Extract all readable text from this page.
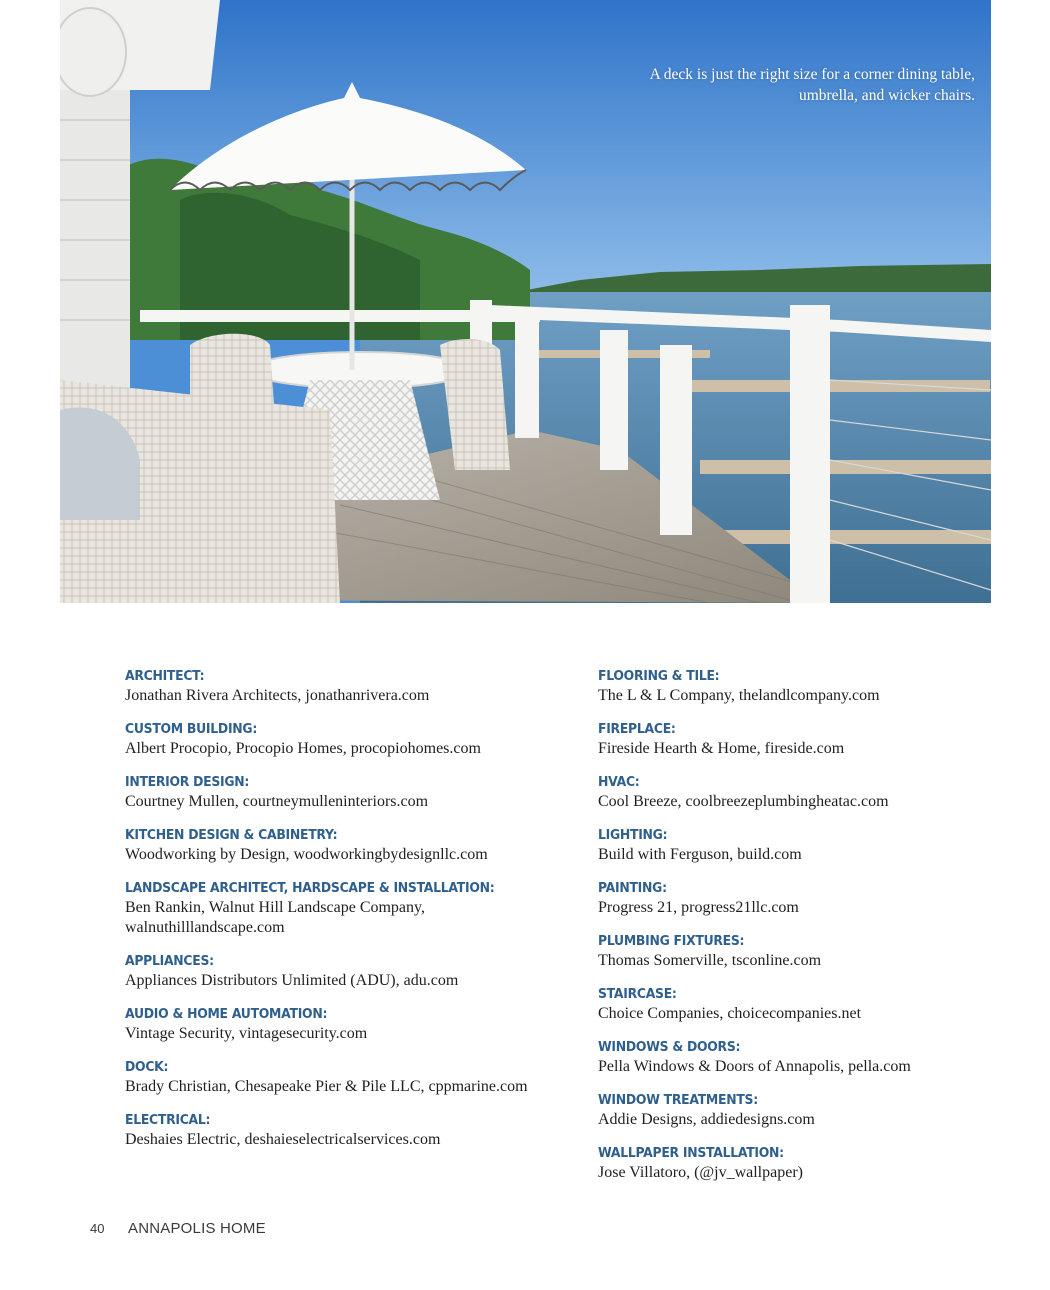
A deck is just the right size for a corner dining table, umbrella, and wicker chairs.
ARCHITECT:
Jonathan Rivera Architects, jonathanrivera.com
CUSTOM BUILDING:
Albert Procopio, Procopio Homes, procopiohomes.com
INTERIOR DESIGN:
Courtney Mullen, courtneymulleninteriors.com
KITCHEN DESIGN & CABINETRY:
Woodworking by Design, woodworkingbydesignllc.com
LANDSCAPE ARCHITECT, HARDSCAPE & INSTALLATION:
Ben Rankin, Walnut Hill Landscape Company, walnuthilllandscape.com
APPLIANCES:
Appliances Distributors Unlimited (ADU), adu.com
AUDIO & HOME AUTOMATION:
Vintage Security, vintagesecurity.com
DOCK:
Brady Christian, Chesapeake Pier & Pile LLC, cppmarine.com
ELECTRICAL:
Deshaies Electric, deshaieselectricalservices.com
FLOORING & TILE:
The L & L Company, thelandlcompany.com
FIREPLACE:
Fireside Hearth & Home, fireside.com
HVAC:
Cool Breeze, coolbreezeplumbingheatac.com
LIGHTING:
Build with Ferguson, build.com
PAINTING:
Progress 21, progress21llc.com
PLUMBING FIXTURES:
Thomas Somerville, tsconline.com
STAIRCASE:
Choice Companies, choicecompanies.net
WINDOWS & DOORS:
Pella Windows & Doors of Annapolis, pella.com
WINDOW TREATMENTS:
Addie Designs, addiedesigns.com
WALLPAPER INSTALLATION:
Jose Villatoro, (@jv_wallpaper)
40	ANNAPOLIS HOME
